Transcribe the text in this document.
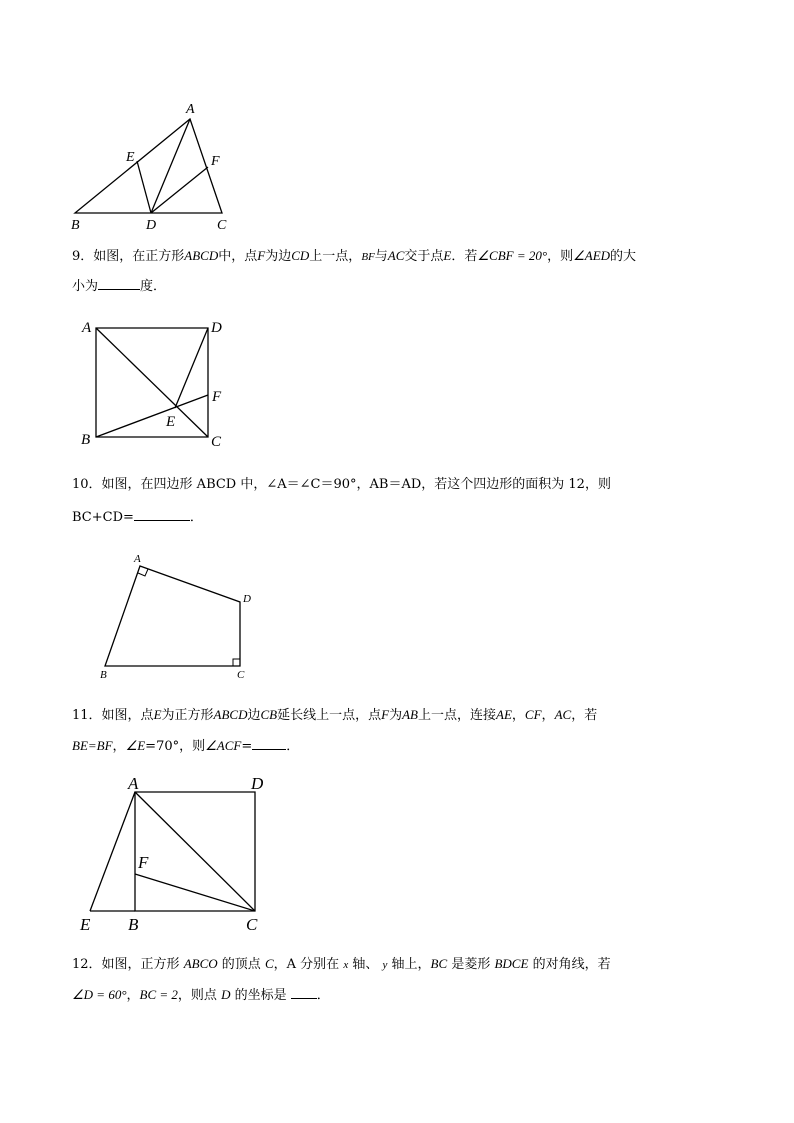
A
E	F
B	D	C
9．如图，在正方形ABCD中，点F为边CD上一点，BF与AC交于点E．若∠CBF = 20°，则∠AED的大
小为	度．
A	D
F
E
B	C
10．如图，在四边形 ABCD 中，∠A＝∠C＝90°，AB＝AD，若这个四边形的面积为 12，则
BC+CD=	．
A
D
B	C
11．如图，点E为正方形ABCD边CB延长线上一点，点F为AB上一点，连接AE，CF，AC，若
BE=BF，∠E=70°，则∠ACF=	．
A	D
F
E B	C
12．如图，正方形 ABCO 的顶点 C，A 分别在 x 轴、 y 轴上，BC 是菱形 BDCE 的对角线，若
∠D = 60°，BC = 2，则点 D 的坐标是 ．
